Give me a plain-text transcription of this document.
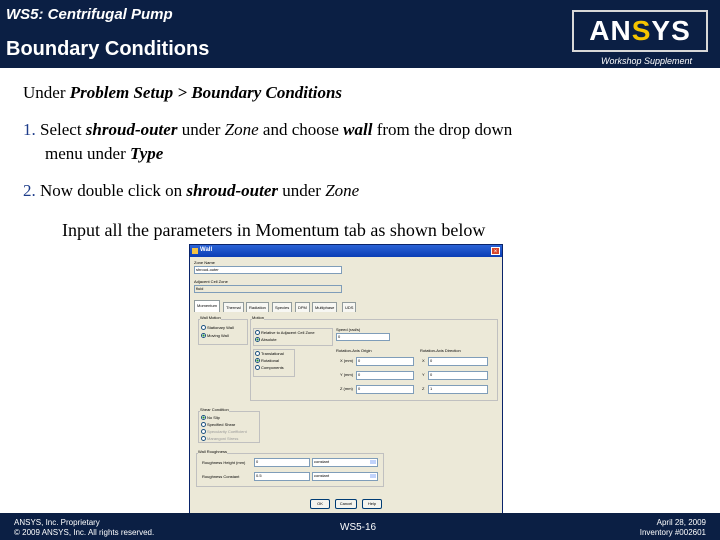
WS5: Centrifugal Pump
Boundary Conditions
AN S YS
Workshop Supplement
Under Problem Setup > Boundary Conditions
1. Select shroud-outer under Zone and choose wall from the drop down
menu under Type
2. Now double click on shroud-outer under Zone
Input all the parameters in Momentum tab as shown below
Wall	×
Zone Name
shroud-outer
Adjacent Cell Zone
fluid
Momentum	Thermal	Radiation	Species	DPM	Multiphase	UDS
Wall Motion
Stationary Wall
Moving Wall
Motion
Relative to Adjacent Cell Zone
Absolute
Translational
Rotational
Components
Speed (rad/s)
0
Rotation-Axis Origin	Rotation-Axis Direction
X (mm)	0
Y (mm)	0
Z (mm)	0
X	0
Y	0
Z	1
Shear Condition
No Slip
Specified Shear
Specularity Coefficient
Marangoni Stress
Wall Roughness
Roughness Height (mm)	0	constant
Roughness Constant	0.5	constant
OK	Cancel	Help
ANSYS, Inc. Proprietary
© 2009 ANSYS, Inc. All rights reserved.	WS5-16	April 28, 2009
Inventory #002601
